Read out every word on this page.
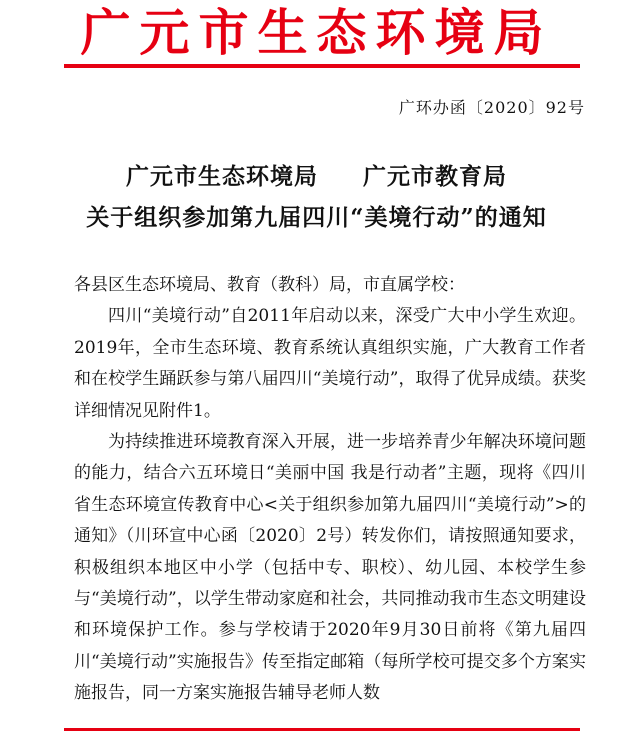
广元市生态环境局
广环办函〔2020〕92号
广元市生态环境局     广元市教育局
关于组织参加第九届四川“美境行动”的通知

各县区生态环境局、教育（教科）局，市直属学校：

四川“美境行动”自2011年启动以来，深受广大中小学生欢迎。2019年，全市生态环境、教育系统认真组织实施，广大教育工作者和在校学生踊跃参与第八届四川“美境行动”，取得了优异成绩。获奖详细情况见附件1。

为持续推进环境教育深入开展，进一步培养青少年解决环境问题的能力，结合六五环境日“美丽中国 我是行动者”主题，现将《四川省生态环境宣传教育中心<关于组织参加第九届四川“美境行动”>的通知》（川环宣中心函〔2020〕2号）转发你们，请按照通知要求，积极组织本地区中小学（包括中专、职校）、幼儿园、本校学生参与“美境行动”，以学生带动家庭和社会，共同推动我市生态文明建设和环境保护工作。参与学校请于2020年9月30日前将《第九届四川“美境行动”实施报告》传至指定邮箱（每所学校可提交多个方案实施报告，同一方案实施报告辅导老师人数
